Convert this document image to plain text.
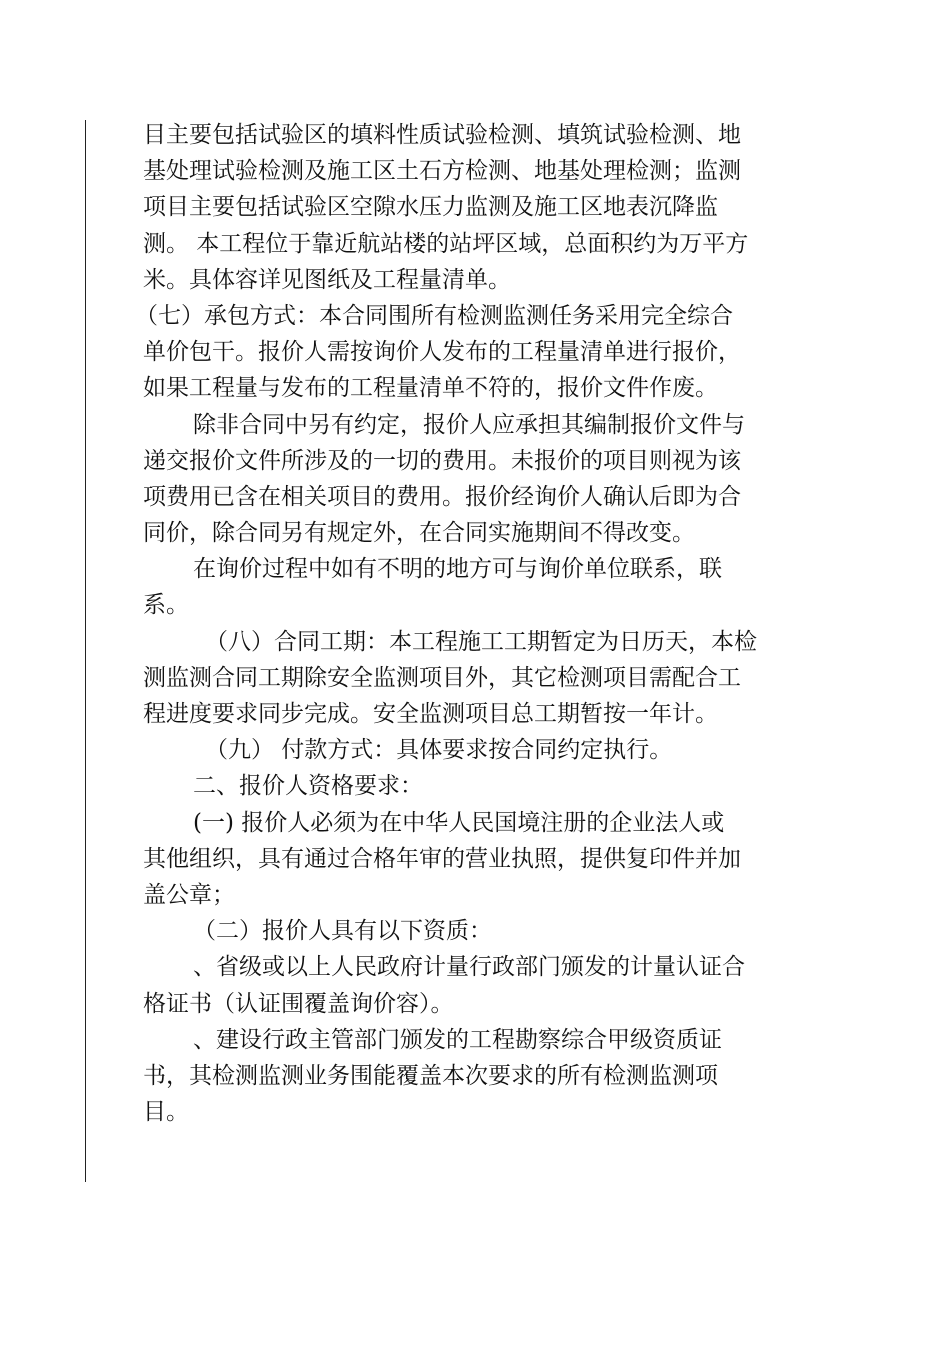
目主要包括试验区的填料性质试验检测、填筑试验检测、地
基处理试验检测及施工区土石方检测、地基处理检测；监测
项目主要包括试验区空隙水压力监测及施工区地表沉降监
测。 本工程位于靠近航站楼的站坪区域，总面积约为万平方
米。具体容详见图纸及工程量清单。
（七）承包方式：本合同围所有检测监测任务采用完全综合
单价包干。报价人需按询价人发布的工程量清单进行报价，
如果工程量与发布的工程量清单不符的，报价文件作废。
除非合同中另有约定，报价人应承担其编制报价文件与
递交报价文件所涉及的一切的费用。未报价的项目则视为该
项费用已含在相关项目的费用。报价经询价人确认后即为合
同价，除合同另有规定外，在合同实施期间不得改变。
在询价过程中如有不明的地方可与询价单位联系，联
系。
（八）合同工期：本工程施工工期暂定为日历天，本检
测监测合同工期除安全监测项目外，其它检测项目需配合工
程进度要求同步完成。安全监测项目总工期暂按一年计。
（九） 付款方式：具体要求按合同约定执行。
二、报价人资格要求：
(一) 报价人必须为在中华人民国境注册的企业法人或
其他组织，具有通过合格年审的营业执照，提供复印件并加
盖公章；
（二）报价人具有以下资质：
、省级或以上人民政府计量行政部门颁发的计量认证合
格证书（认证围覆盖询价容）。
、建设行政主管部门颁发的工程勘察综合甲级资质证
书，其检测监测业务围能覆盖本次要求的所有检测监测项
目。
